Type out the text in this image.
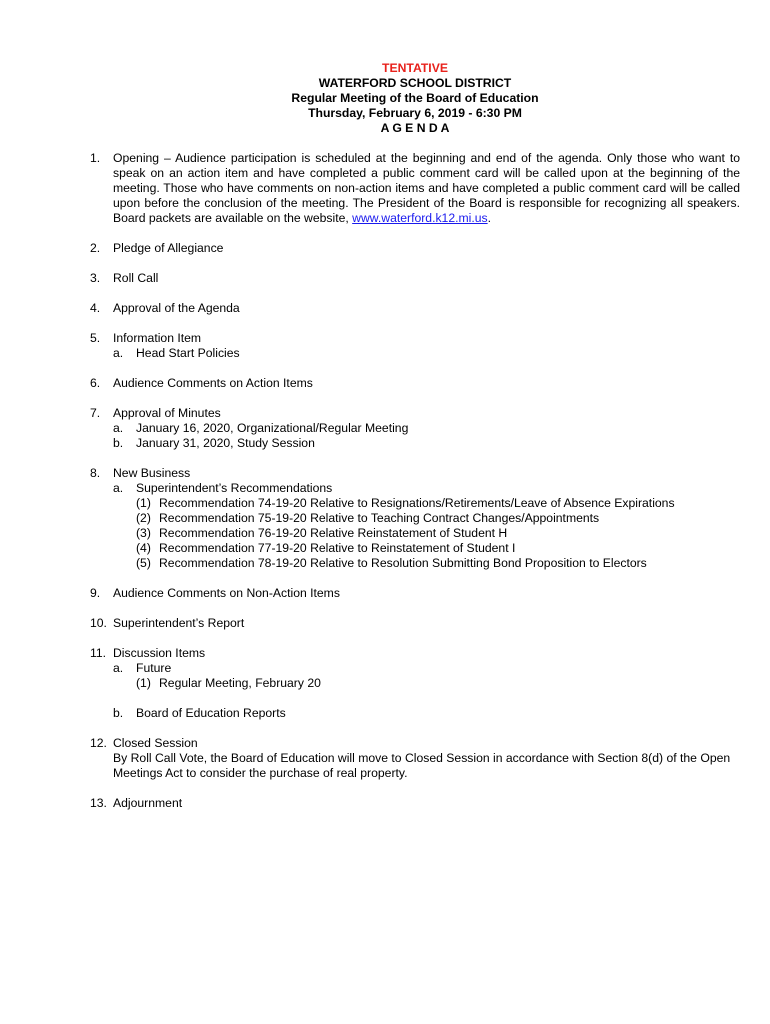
TENTATIVE
WATERFORD SCHOOL DISTRICT
Regular Meeting of the Board of Education
Thursday, February 6, 2019 - 6:30 PM
A G E N D A
1.	Opening – Audience participation is scheduled at the beginning and end of the agenda. Only those who want to speak on an action item and have completed a public comment card will be called upon at the beginning of the meeting. Those who have comments on non-action items and have completed a public comment card will be called upon before the conclusion of the meeting. The President of the Board is responsible for recognizing all speakers. Board packets are available on the website, www.waterford.k12.mi.us.
2.	Pledge of Allegiance
3.	Roll Call
4.	Approval of the Agenda
5.	Information Item
a.	Head Start Policies
6.	Audience Comments on Action Items
7.	Approval of Minutes
a.	January 16, 2020, Organizational/Regular Meeting
b.	January 31, 2020, Study Session
8.	New Business
a.	Superintendent’s Recommendations
(1) Recommendation 74-19-20 Relative to Resignations/Retirements/Leave of Absence Expirations
(2) Recommendation 75-19-20 Relative to Teaching Contract Changes/Appointments
(3) Recommendation 76-19-20 Relative Reinstatement of Student H
(4) Recommendation 77-19-20 Relative to Reinstatement of Student I
(5) Recommendation 78-19-20 Relative to Resolution Submitting Bond Proposition to Electors
9.	Audience Comments on Non-Action Items
10. Superintendent’s Report
11. Discussion Items
a.	Future
(1) Regular Meeting, February 20
b.	Board of Education Reports
12. Closed Session
By Roll Call Vote, the Board of Education will move to Closed Session in accordance with Section 8(d) of the Open Meetings Act to consider the purchase of real property.
13. Adjournment
